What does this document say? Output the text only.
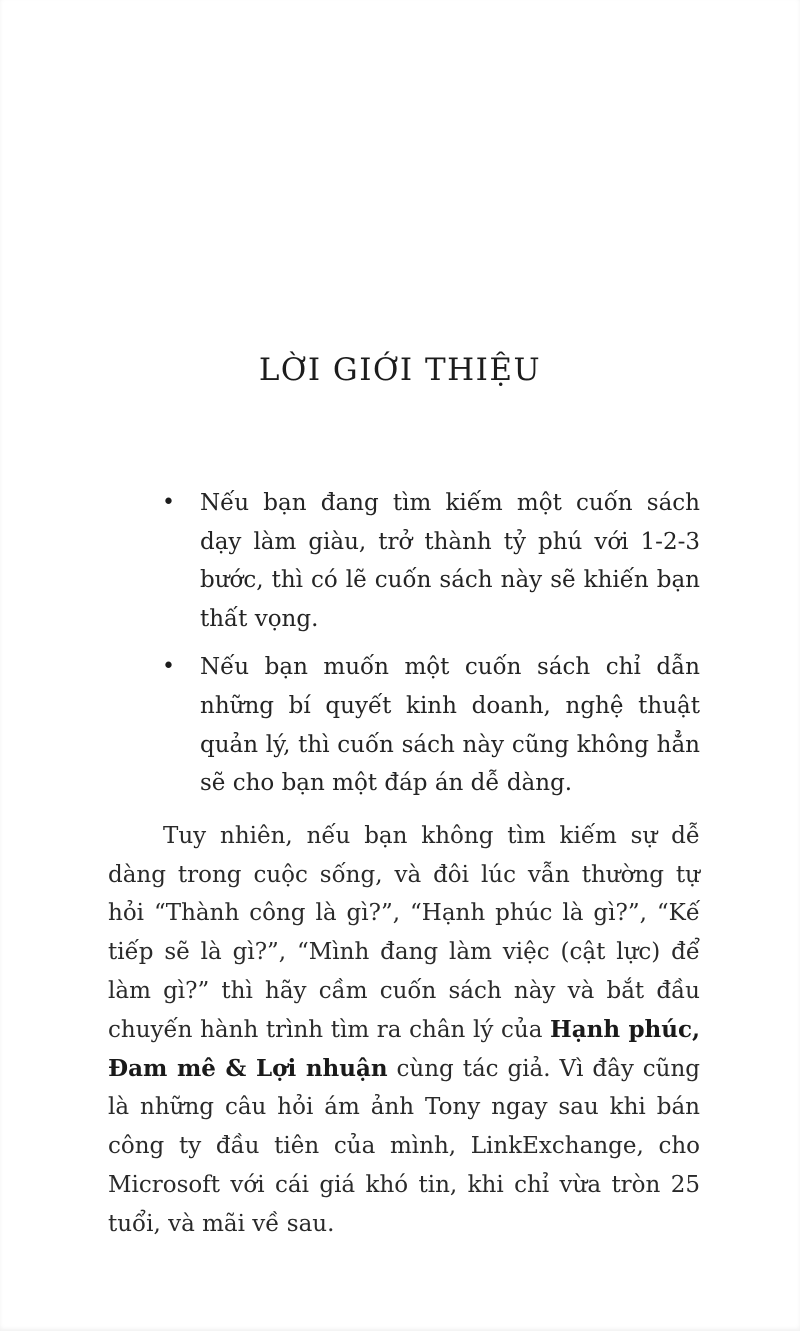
LỜI GIỚI THIỆU
•	Nếu bạn đang tìm kiếm một cuốn sách dạy làm giàu, trở thành tỷ phú với 1-2-3 bước, thì có lẽ cuốn sách này sẽ khiến bạn thất vọng.
•	Nếu bạn muốn một cuốn sách chỉ dẫn những bí quyết kinh doanh, nghệ thuật quản lý, thì cuốn sách này cũng không hẳn sẽ cho bạn một đáp án dễ dàng.

Tuy nhiên, nếu bạn không tìm kiếm sự dễ dàng trong cuộc sống, và đôi lúc vẫn thường tự hỏi “Thành công là gì?”, “Hạnh phúc là gì?”, “Kế tiếp sẽ là gì?”, “Mình đang làm việc (cật lực) để làm gì?” thì hãy cầm cuốn sách này và bắt đầu chuyến hành trình tìm ra chân lý của Hạnh phúc, Đam mê & Lợi nhuận cùng tác giả. Vì đây cũng là những câu hỏi ám ảnh Tony ngay sau khi bán công ty đầu tiên của mình, LinkExchange, cho Microsoft với cái giá khó tin, khi chỉ vừa tròn 25 tuổi, và mãi về sau.
